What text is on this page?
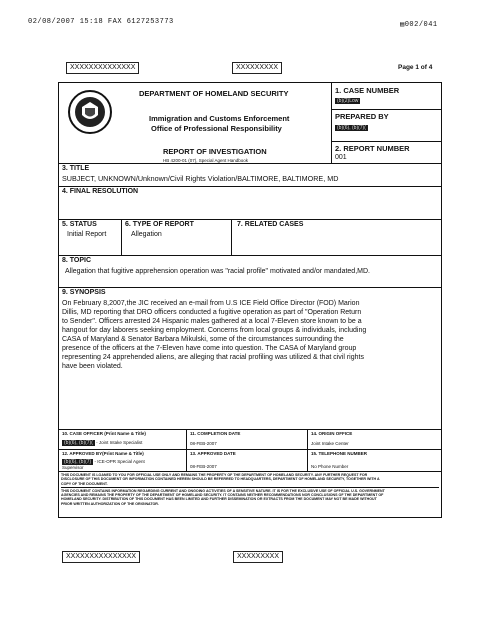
02/08/2007 15:18 FAX 6127253773	▤002/041
XXXXXXXXXXXXXX	XXXXXXXXX	Page 1 of 4
DEPARTMENT OF HOMELAND SECURITY
Immigration and Customs Enforcement
Office of Professional Responsibility
REPORT OF INVESTIGATION
HB 4200-01 (07), Special Agent Handbook
1. CASE NUMBER
(b)(2)Low
PREPARED BY
(b)(6), (b)(7)(
2. REPORT NUMBER
001
3. TITLE
SUBJECT, UNKNOWN/Unknown/Civil Rights Violation/BALTIMORE, BALTIMORE, MD
4. FINAL RESOLUTION
5. STATUS
Initial Report
6. TYPE OF REPORT
Allegation
7. RELATED CASES
8. TOPIC
Allegation that fugitive apprehension operation was "racial profile" motivated and/or mandated,MD.
9. SYNOPSIS
On February 8,2007,the JIC received an e-mail from U.S ICE Field Office Director (FOD) Marion
Dillis, MD reporting that DRO officers conducted a fugitive operation as part of "Operation Return
to Sender". Officers arrested 24 Hispanic males gathered at a local 7-Eleven store known to be a
hangout for day laborers seeking employment. Concerns from local groups & individuals, including
CASA of Maryland & Senator Barbara Mikulski, some of the circumstances surrounding the
presence of the officers at the 7-Eleven have come into question. The CASA of Maryland group
representing 24 apprehended aliens, are alleging that racial profiling was utilized & that civil rights
have been violated.
10. CASE OFFICER (Print Name & Title)
(b)(6), (b)(7)( - Joint Intake Specialist
11. COMPLETION DATE
08-FEB-2007
14. ORIGIN OFFICE
Joint Intake Center
12. APPROVED BY(Print Name & Title)
(b)(6), (b)(7) - ICE-OPR Special Agent
Supervisor
13. APPROVED DATE
08-FEB-2007
15. TELEPHONE NUMBER
No Phone Number
THIS DOCUMENT IS LOANED TO YOU FOR OFFICIAL USE ONLY AND REMAINS THE PROPERTY OF THE DEPARTMENT OF HOMELAND SECURITY. ANY FURTHER REQUEST FOR
DISCLOSURE OF THIS DOCUMENT OR INFORMATION CONTAINED HEREIN SHOULD BE REFERRED TO HEADQUARTERS, DEPARTMENT OF HOMELAND SECURITY, TOGETHER WITH A
COPY OF THE DOCUMENT.
THIS DOCUMENT CONTAINS INFORMATION REGARDING CURRENT AND ONGOING ACTIVITIES OF A SENSITIVE NATURE. IT IS FOR THE EXCLUSIVE USE OF OFFICIAL U.S. GOVERNMENT
AGENCIES AND REMAINS THE PROPERTY OF THE DEPARTMENT OF HOMELAND SECURITY. IT CONTAINS NEITHER RECOMMENDATIONS NOR CONCLUSIONS OF THE DEPARTMENT OF
HOMELAND SECURITY. DISTRIBUTION OF THIS DOCUMENT HAS BEEN LIMITED AND FURTHER DISSEMINATION OR EXTRACTS FROM THE DOCUMENT MAY NOT BE MADE WITHOUT
PRIOR WRITTEN AUTHORIZATION OF THE ORIGINATOR.
XXXXXXXXXXXXXXX	XXXXXXXXX
